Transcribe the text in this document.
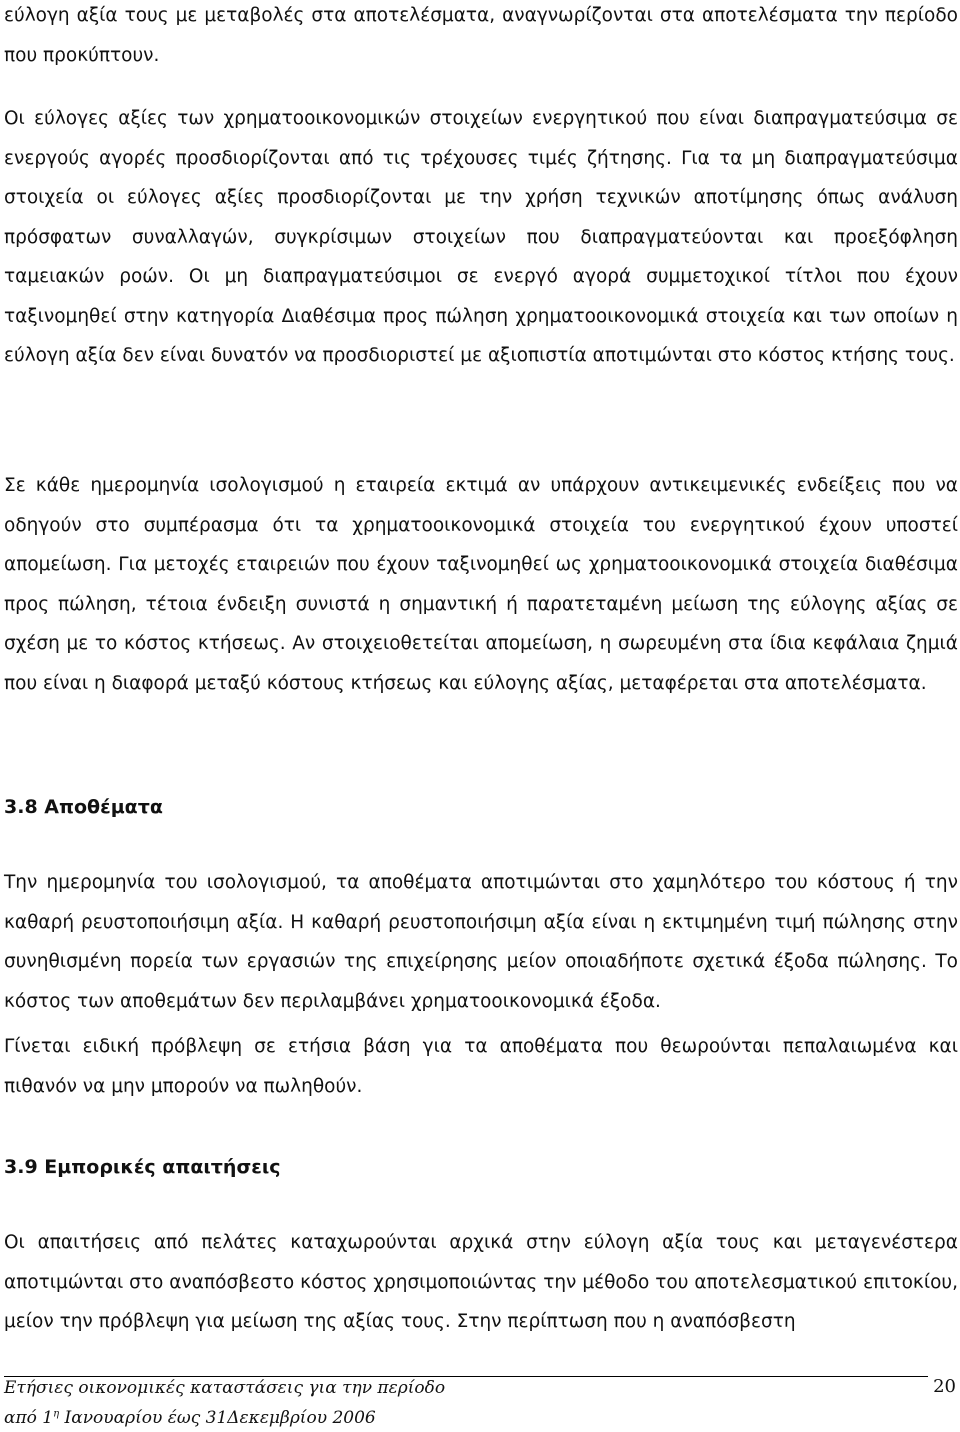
εύλογη αξία τους με μεταβολές στα αποτελέσματα, αναγνωρίζονται στα αποτελέσματα την περίοδο που προκύπτουν.

Οι εύλογες αξίες των χρηματοοικονομικών στοιχείων ενεργητικού που είναι διαπραγματεύσιμα σε ενεργούς αγορές προσδιορίζονται από τις τρέχουσες τιμές ζήτησης. Για τα μη διαπραγματεύσιμα στοιχεία οι εύλογες αξίες προσδιορίζονται με την χρήση τεχνικών αποτίμησης όπως ανάλυση πρόσφατων συναλλαγών, συγκρίσιμων στοιχείων που διαπραγματεύονται και προεξόφληση ταμειακών ροών. Οι μη διαπραγματεύσιμοι σε ενεργό αγορά συμμετοχικοί τίτλοι που έχουν ταξινομηθεί στην κατηγορία Διαθέσιμα προς πώληση χρηματοοικονομικά στοιχεία και των οποίων η εύλογη αξία δεν είναι δυνατόν να προσδιοριστεί με αξιοπιστία αποτιμώνται στο κόστος κτήσης τους.

Σε κάθε ημερομηνία ισολογισμού η εταιρεία εκτιμά αν υπάρχουν αντικειμενικές ενδείξεις που να οδηγούν στο συμπέρασμα ότι τα χρηματοοικονομικά στοιχεία του ενεργητικού έχουν υποστεί απομείωση. Για μετοχές εταιρειών που έχουν ταξινομηθεί ως χρηματοοικονομικά στοιχεία διαθέσιμα προς πώληση, τέτοια ένδειξη συνιστά η σημαντική ή παρατεταμένη μείωση της εύλογης αξίας σε σχέση με το κόστος κτήσεως. Αν στοιχειοθετείται απομείωση, η σωρευμένη στα ίδια κεφάλαια ζημιά που είναι η διαφορά μεταξύ κόστους κτήσεως και εύλογης αξίας, μεταφέρεται στα αποτελέσματα.

3.8 Αποθέματα

Την ημερομηνία του ισολογισμού, τα αποθέματα αποτιμώνται στο χαμηλότερο του κόστους ή την καθαρή ρευστοποιήσιμη αξία. Η καθαρή ρευστοποιήσιμη αξία είναι η εκτιμημένη τιμή πώλησης στην συνηθισμένη πορεία των εργασιών της επιχείρησης μείον οποιαδήποτε σχετικά έξοδα πώλησης. Το κόστος των αποθεμάτων δεν περιλαμβάνει χρηματοοικονομικά έξοδα.

Γίνεται ειδική πρόβλεψη σε ετήσια βάση για τα αποθέματα που θεωρούνται πεπαλαιωμένα και πιθανόν να μην μπορούν να πωληθούν.

3.9 Εμπορικές απαιτήσεις

Οι απαιτήσεις από πελάτες καταχωρούνται αρχικά στην εύλογη αξία τους και μεταγενέστερα αποτιμώνται στο αναπόσβεστο κόστος χρησιμοποιώντας την μέθοδο του αποτελεσματικού επιτοκίου, μείον την πρόβλεψη για μείωση της αξίας τους. Στην περίπτωση που η αναπόσβεστη

Ετήσιες οικονομικές καταστάσεις για την περίοδο
από $1^\eta$ Ιανουαρίου έως 31Δεκεμβρίου 2006
20
